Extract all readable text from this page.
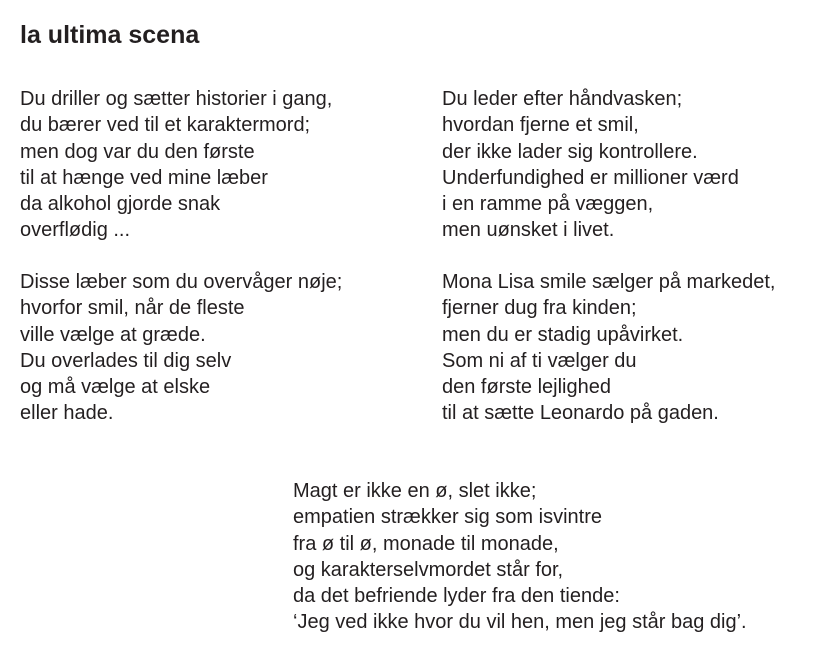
la ultima scena
Du driller og sætter historier i gang,
du bærer ved til et karaktermord;
men dog var du den første
til at hænge ved mine læber
da alkohol gjorde snak
overflødig ...
Disse læber som du overvåger nøje;
hvorfor smil, når de fleste
ville vælge at græde.
Du overlades til dig selv
og må vælge at elske
eller hade.
Du leder efter håndvasken;
hvordan fjerne et smil,
der ikke lader sig kontrollere.
Underfundighed er millioner værd
i en ramme på væggen,
men uønsket i livet.
Mona Lisa smile sælger på markedet,
fjerner dug fra kinden;
men du er stadig upåvirket.
Som ni af ti vælger du
den første lejlighed
til at sætte Leonardo på gaden.
Magt er ikke en ø, slet ikke;
empatien strækker sig som isvintre
fra ø til ø, monade til monade,
og karakterselvmordet står for,
da det befriende lyder fra den tiende:
‘Jeg ved ikke hvor du vil hen, men jeg står bag dig’.
